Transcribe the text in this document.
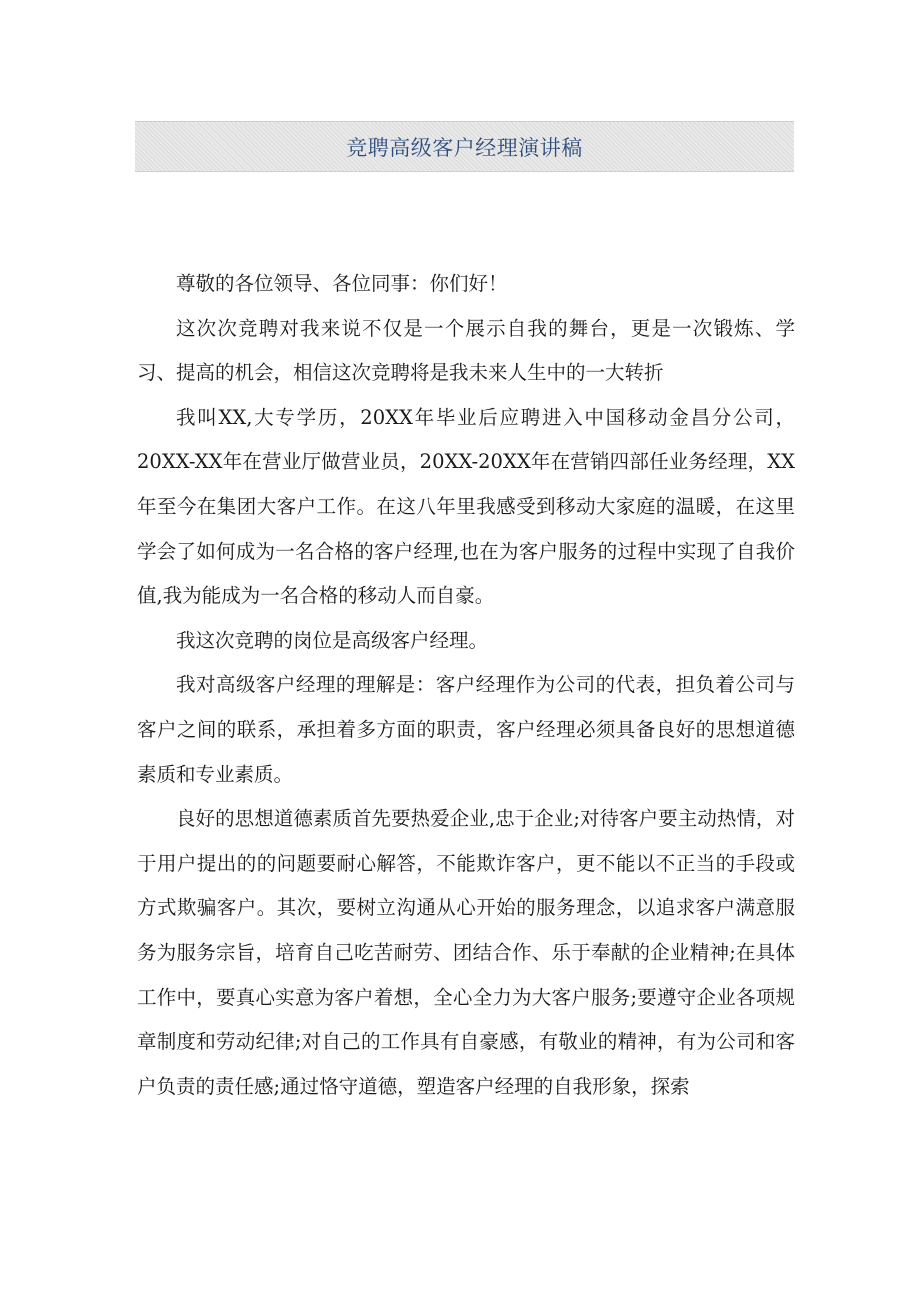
竞聘高级客户经理演讲稿

尊敬的各位领导、各位同事：你们好！

这次次竞聘对我来说不仅是一个展示自我的舞台，更是一次锻炼、学习、提高的机会，相信这次竞聘将是我未来人生中的一大转折

我叫XX,大专学历，20XX年毕业后应聘进入中国移动金昌分公司，20XX-XX年在营业厅做营业员，20XX-20XX年在营销四部任业务经理，XX年至今在集团大客户工作。在这八年里我感受到移动大家庭的温暖，在这里学会了如何成为一名合格的客户经理,也在为客户服务的过程中实现了自我价值,我为能成为一名合格的移动人而自豪。

我这次竞聘的岗位是高级客户经理。

我对高级客户经理的理解是：客户经理作为公司的代表，担负着公司与客户之间的联系，承担着多方面的职责，客户经理必须具备良好的思想道德素质和专业素质。

良好的思想道德素质首先要热爱企业,忠于企业;对待客户要主动热情，对于用户提出的的问题要耐心解答，不能欺诈客户，更不能以不正当的手段或方式欺骗客户。其次，要树立沟通从心开始的服务理念，以追求客户满意服务为服务宗旨，培育自己吃苦耐劳、团结合作、乐于奉献的企业精神;在具体工作中，要真心实意为客户着想，全心全力为大客户服务;要遵守企业各项规章制度和劳动纪律;对自己的工作具有自豪感，有敬业的精神，有为公司和客户负责的责任感;通过恪守道德，塑造客户经理的自我形象，探索
